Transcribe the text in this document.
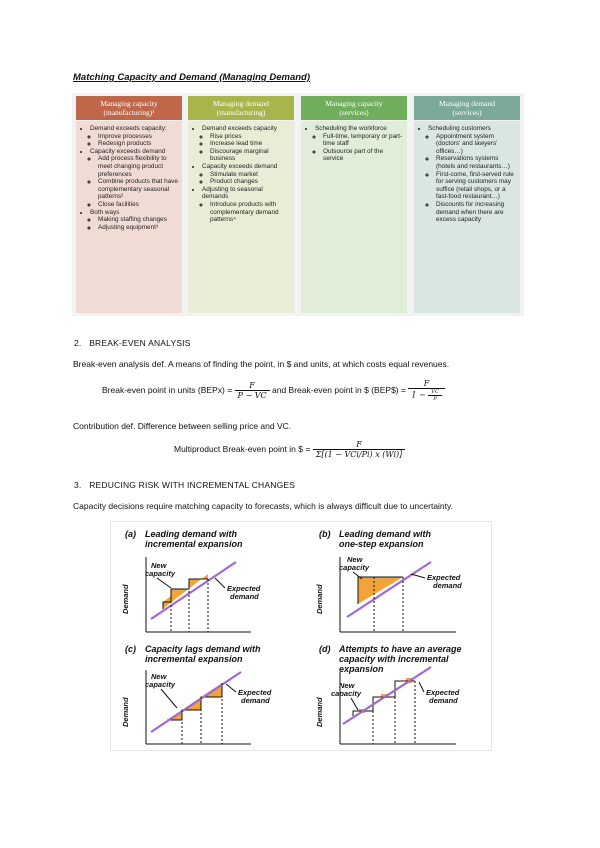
Matching Capacity and Demand (Managing Demand)
Managing capacity
(manufacturing)¹
• Demand exceeds capacity:
◦ Improve processes
◦ Redesign products
• Capacity exceeds demand
◦ Add process flexibility to meet changing product preferences
◦ Combine products that have complementary seasonal patterns²
◦ Close facilities
• Both ways
◦ Making staffing changes
◦ Adjusting equipment³
Managing demand
(manufacturing)
• Demand exceeds capacity
◦ Rise prices
◦ Increase lead time
◦ Discourage marginal business
• Capacity exceeds demand
◦ Stimulate market
◦ Product changes
• Adjusting to seasonal demands
◦ Introduce products with complementary demand patterns⁴
Managing capacity
(services)
• Scheduling the workforce
◦ Full-time, temporary or part-time staff
◦ Outsource part of the service
Managing demand
(services)
• Scheduling customers
◦ Appointment system (doctors' and lawyers' offices…)
◦ Reservations systems (hotels and restaurants…)
◦ First-come, first-served rule for serving customers may suffice (retail shops, or a fast-food restaurant…)
◦ Discounts for increasing demand when there are excess capacity
2. BREAK-EVEN ANALYSIS
Break-even analysis def. A means of finding the point, in $ and units, at which costs equal revenues.
Break-even point in units (BEPx) = $\frac{F}{P - VC}$ and Break-even point in $ (BEP$) = $\frac{F}{1 - \frac{VC}{P}}$
Contribution def. Difference between selling price and VC.
Multiproduct Break-even point in $ = $\frac{F}{\text{Σ[(1 − VCi/Pi) x (Wi)]}}$
3. REDUCING RISK WITH INCREMENTAL CHANGES
Capacity decisions require matching capacity to forecasts, which is always difficult due to uncertainty.
(a) Leading demand with
incremental expansion
New
capacity
Expected
demand
Demand
(b) Leading demand with
one-step expansion
New
capacity
Expected
demand
Demand
(c) Capacity lags demand with
incremental expansion
New
capacity
Expected
demand
Demand
(d) Attempts to have an average
capacity with incremental
expansion
New
capacity	Expected
demand
Demand
